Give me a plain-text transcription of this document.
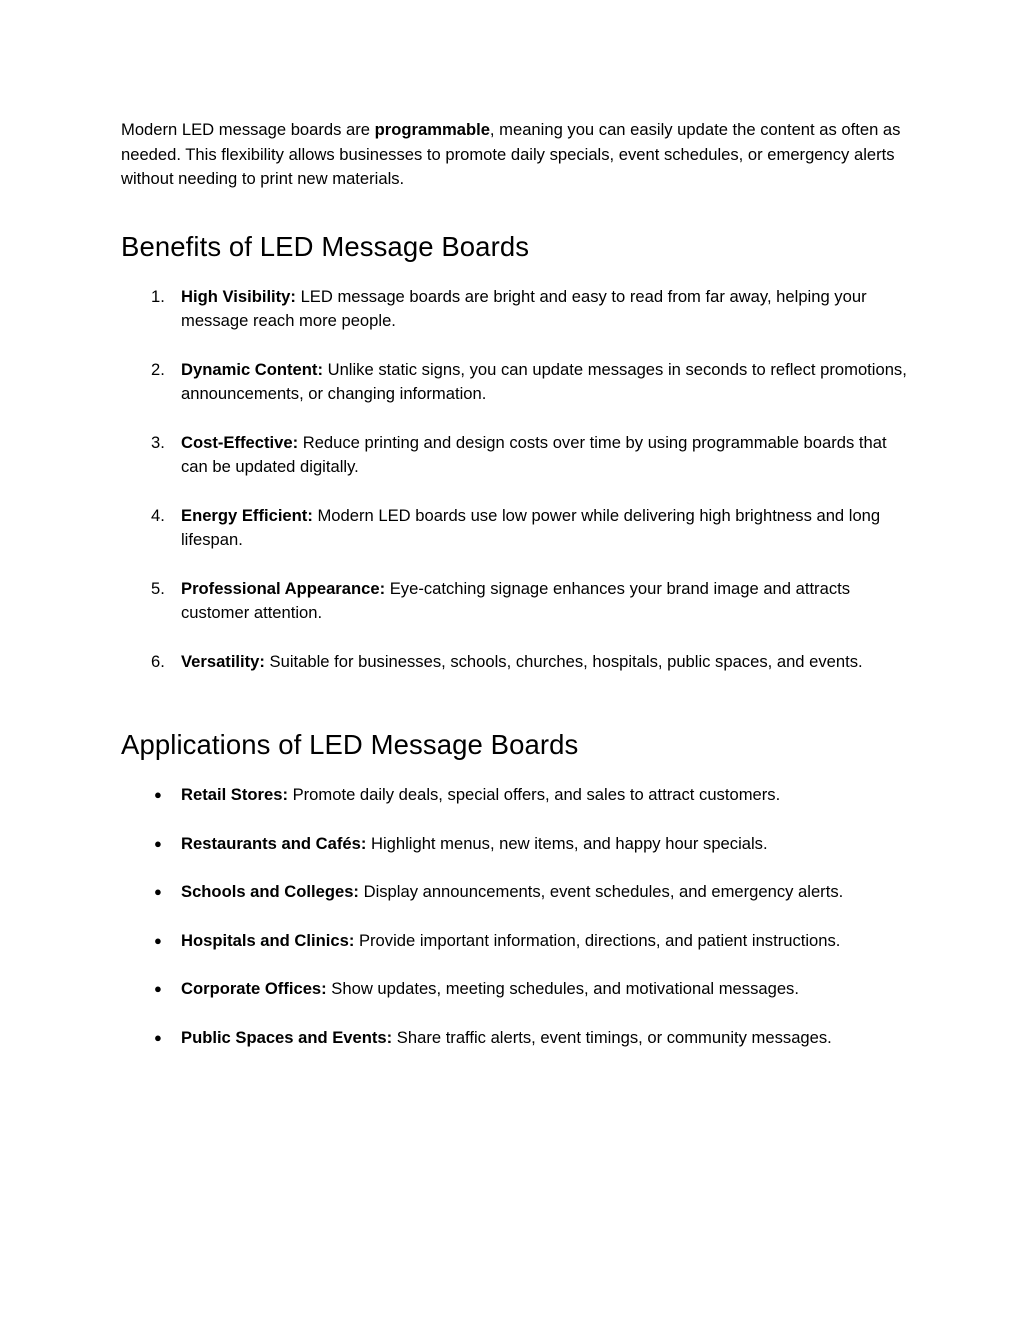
Modern LED message boards are programmable, meaning you can easily update the content as often as needed. This flexibility allows businesses to promote daily specials, event schedules, or emergency alerts without needing to print new materials.

Benefits of LED Message Boards
1. High Visibility: LED message boards are bright and easy to read from far away, helping your message reach more people.
2. Dynamic Content: Unlike static signs, you can update messages in seconds to reflect promotions, announcements, or changing information.
3. Cost-Effective: Reduce printing and design costs over time by using programmable boards that can be updated digitally.
4. Energy Efficient: Modern LED boards use low power while delivering high brightness and long lifespan.
5. Professional Appearance: Eye-catching signage enhances your brand image and attracts customer attention.
6. Versatility: Suitable for businesses, schools, churches, hospitals, public spaces, and events.
Applications of LED Message Boards
● Retail Stores: Promote daily deals, special offers, and sales to attract customers.
● Restaurants and Cafés: Highlight menus, new items, and happy hour specials.
● Schools and Colleges: Display announcements, event schedules, and emergency alerts.
● Hospitals and Clinics: Provide important information, directions, and patient instructions.
● Corporate Offices: Show updates, meeting schedules, and motivational messages.
● Public Spaces and Events: Share traffic alerts, event timings, or community messages.
